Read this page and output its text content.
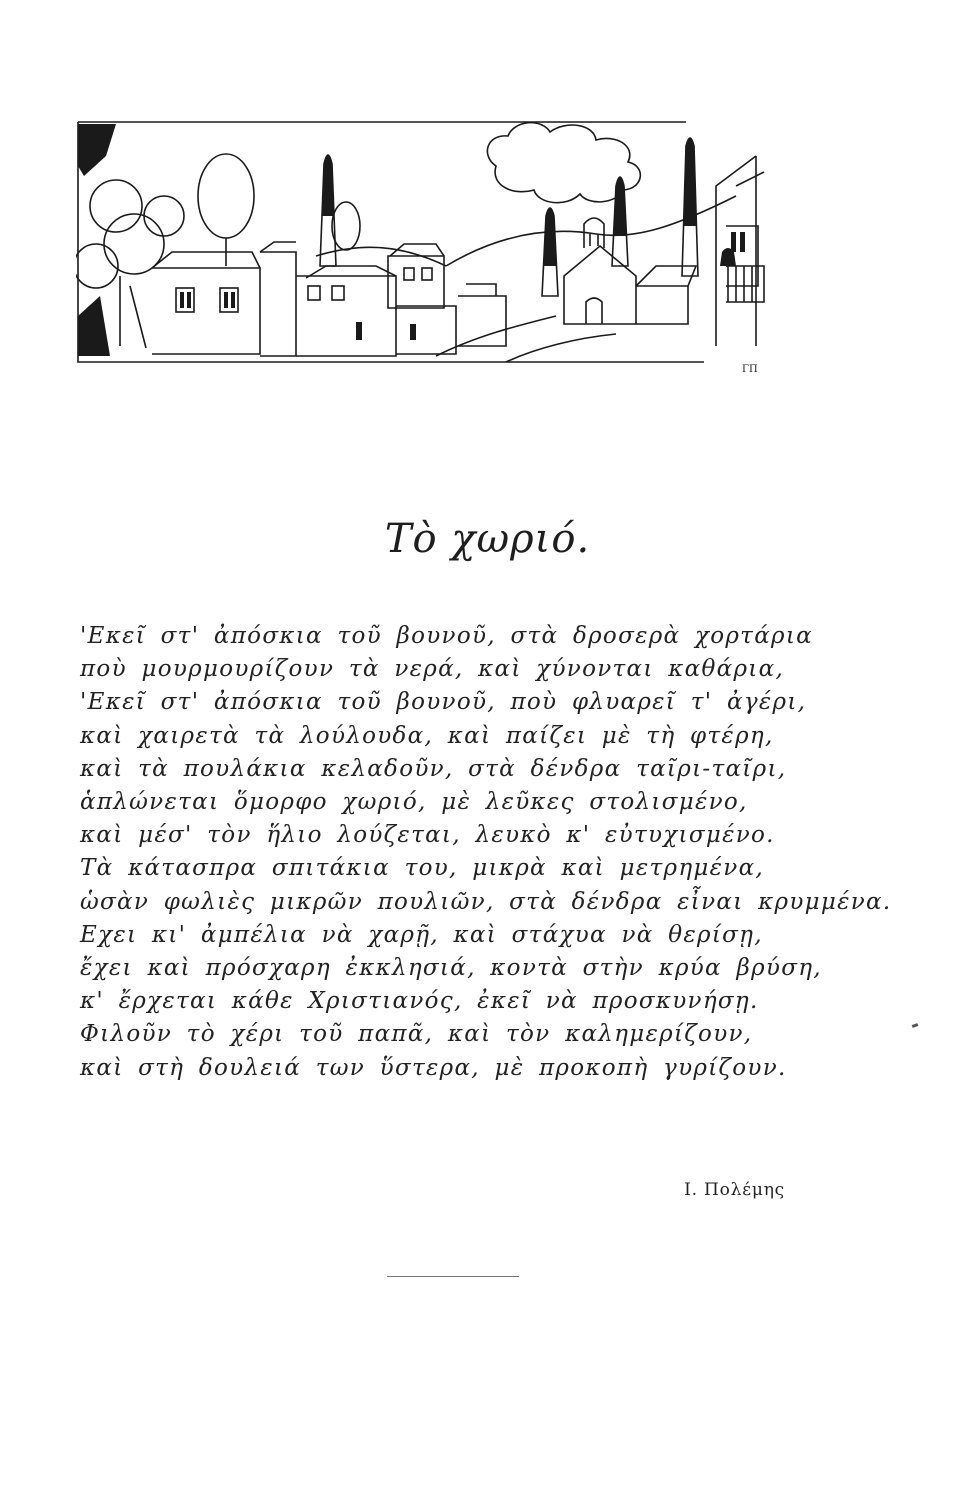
ΓΠ
Τὸ χωριό.
'Εκεῖ στ' ἀπόσκια τοῦ βουνοῦ, στὰ δροσερὰ χορτάρια
ποὺ μουρμουρίζουν τὰ νερά, καὶ χύνονται καθάρια,
'Εκεῖ στ' ἀπόσκια τοῦ βουνοῦ, ποὺ φλυαρεῖ τ' ἀγέρι,
καὶ χαιρετὰ τὰ λούλουδα, καὶ παίζει μὲ τὴ φτέρη,
καὶ τὰ πουλάκια κελαδοῦν, στὰ δένδρα ταῖρι-ταῖρι,
ἁπλώνεται ὅμορφο χωριό, μὲ λεῦκες στολισμένο,
καὶ μέσ' τὸν ἥλιο λούζεται, λευκὸ κ' εὐτυχισμένο.
Τὰ κάτασπρα σπιτάκια του, μικρὰ καὶ μετρημένα,
ὡσὰν φωλιὲς μικρῶν πουλιῶν, στὰ δένδρα εἶναι κρυμμένα.
Εχει κι' ἀμπέλια νὰ χαρῇ, καὶ στάχυα νὰ θερίσῃ,
ἔχει καὶ πρόσχαρη ἐκκλησιά, κοντὰ στὴν κρύα βρύση,
κ' ἔρχεται κάθε Χριστιανός, ἐκεῖ νὰ προσκυνήσῃ.
Φιλοῦν τὸ χέρι τοῦ παπᾶ, καὶ τὸν καλημερίζουν,
καὶ στὴ δουλειά των ὕστερα, μὲ προκοπὴ γυρίζουν.
Ι. Πολέμης
